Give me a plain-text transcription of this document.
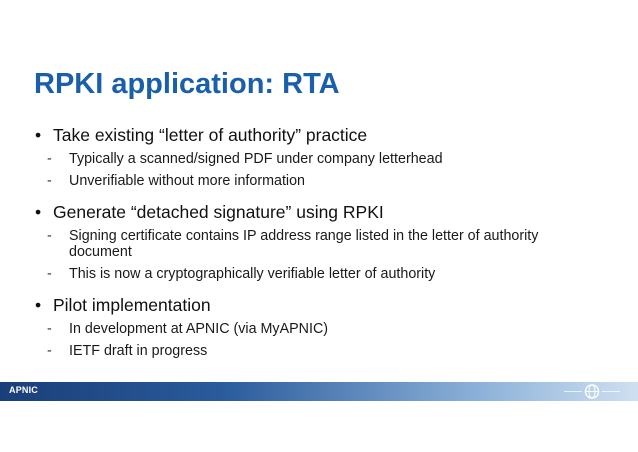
RPKI application: RTA
• Take existing “letter of authority” practice
- Typically a scanned/signed PDF under company letterhead
- Unverifiable without more information
• Generate “detached signature” using RPKI
- Signing certificate contains IP address range listed in the letter of authority document
- This is now a cryptographically verifiable letter of authority
• Pilot implementation
- In development at APNIC (via MyAPNIC)
- IETF draft in progress
APNIC
